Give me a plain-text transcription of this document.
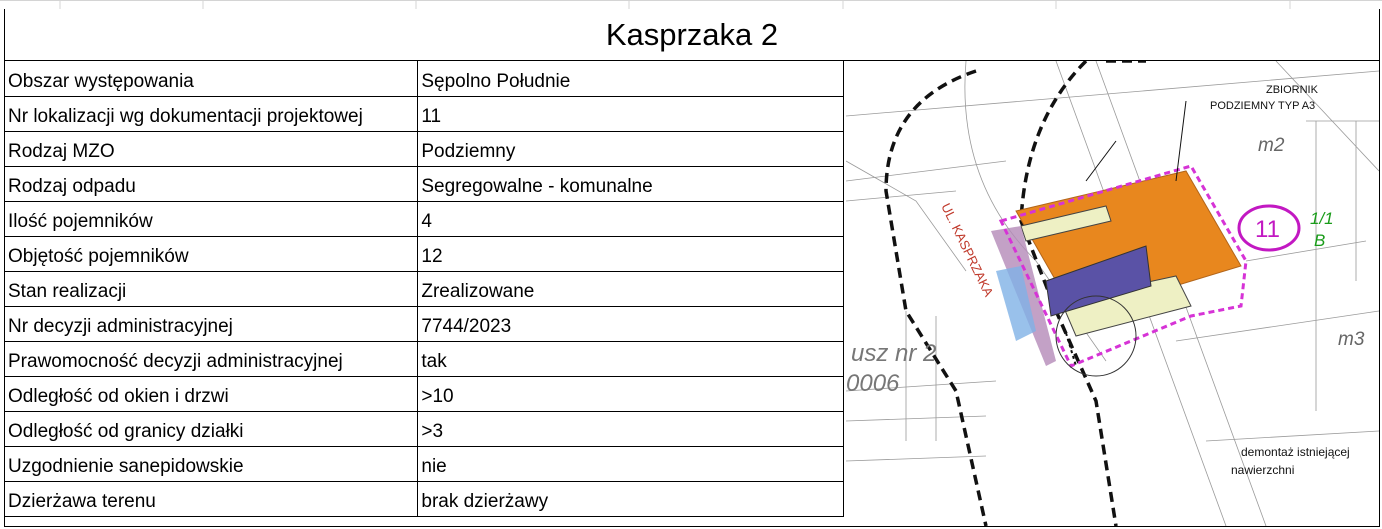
Kasprzaka 2
Obszar występowania	Sępolno Południe
Nr lokalizacji wg dokumentacji projektowej	11
Rodzaj MZO	Podziemny
Rodzaj odpadu	Segregowalne - komunalne
Ilość pojemników	4
Objętość pojemników	12
Stan realizacji	Zrealizowane
Nr decyzji administracyjnej	7744/2023
Prawomocność decyzji administracyjnej	tak
Odległość od okien i drzwi	>10
Odległość od granicy działki	>3
Uzgodnienie sanepidowskie	nie
Dzierżawa terenu	brak dzierżawy
ZBIORNIK
PODZIEMNY TYP A3
UL. KASPRZAKA	11 1/1
B
demontaż istniejącej
nawierzchni
m2
m3
usz nr 2
0006
